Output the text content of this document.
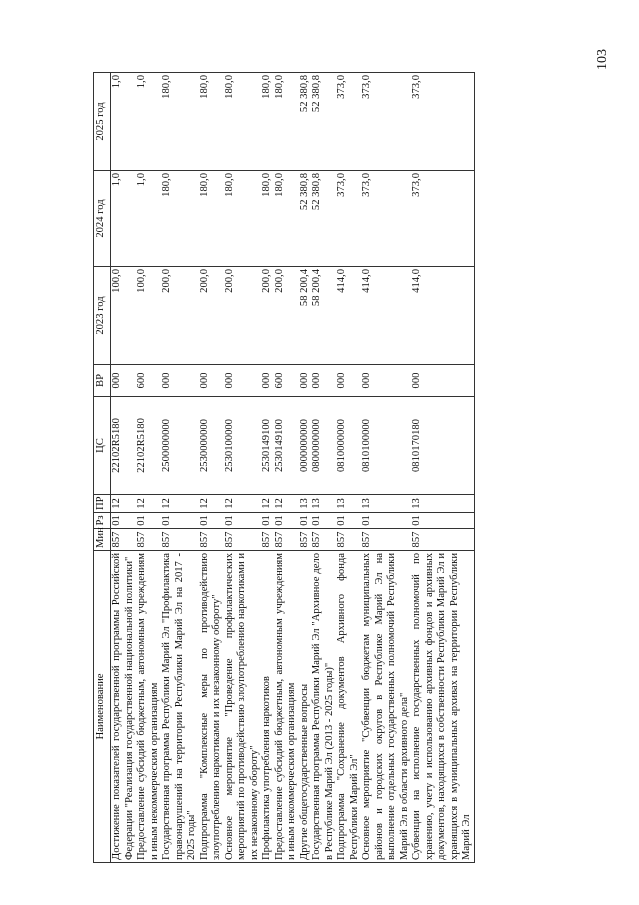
103
Наименование	Мин	Рз	ПР	ЦС	ВР	2023 год	2024 год	2025 год
Достижение показателей государственной программы Российской Федерации "Реализация государственной национальной политики"	857	01	12	22102R5180	000	100,0	1,0	1,0
Предоставление субсидий бюджетным, автономным учреждениям и иным некоммерческим организациям	857	01	12	22102R5180	600	100,0	1,0	1,0
Государственная программа Республики Марий Эл "Профилактика правонарушений на территории Республики Марий Эл на 2017 - 2025 годы"	857	01	12	2500000000	000	200,0	180,0	180,0
Подпрограмма "Комплексные меры по противодействию злоупотреблению наркотиками и их незаконному обороту"	857	01	12	2530000000	000	200,0	180,0	180,0
Основное мероприятие "Проведение профилактических мероприятий по противодействию злоупотреблению наркотиками и их незаконному обороту"	857	01	12	2530100000	000	200,0	180,0	180,0
Профилактика употребления наркотиков	857	01	12	2530149100	000	200,0	180,0	180,0
Предоставление субсидий бюджетным, автономным учреждениям и иным некоммерческим организациям	857	01	12	2530149100	600	200,0	180,0	180,0
Другие общегосударственные вопросы	857	01	13	0000000000	000	58 200,4	52 380,8	52 380,8
Государственная программа Республики Марий Эл "Архивное дело в Республике Марий Эл (2013 - 2025 годы)"	857	01	13	0800000000	000	58 200,4	52 380,8	52 380,8
Подпрограмма "Сохранение документов Архивного фонда Республики Марий Эл"	857	01	13	0810000000	000	414,0	373,0	373,0
Основное мероприятие "Субвенции бюджетам муниципальных районов и городских округов в Республике Марий Эл на выполнение отдельных государственных полномочий Республики Марий Эл в области архивного дела"	857	01	13	0810100000	000	414,0	373,0	373,0
Субвенции на исполнение государственных полномочий по хранению, учету и использованию архивных фондов и архивных документов, находящихся в собственности Республики Марий Эл и хранящихся в муниципальных архивах на территории Республики Марий Эл	857	01	13	0810170180	000	414,0	373,0	373,0
